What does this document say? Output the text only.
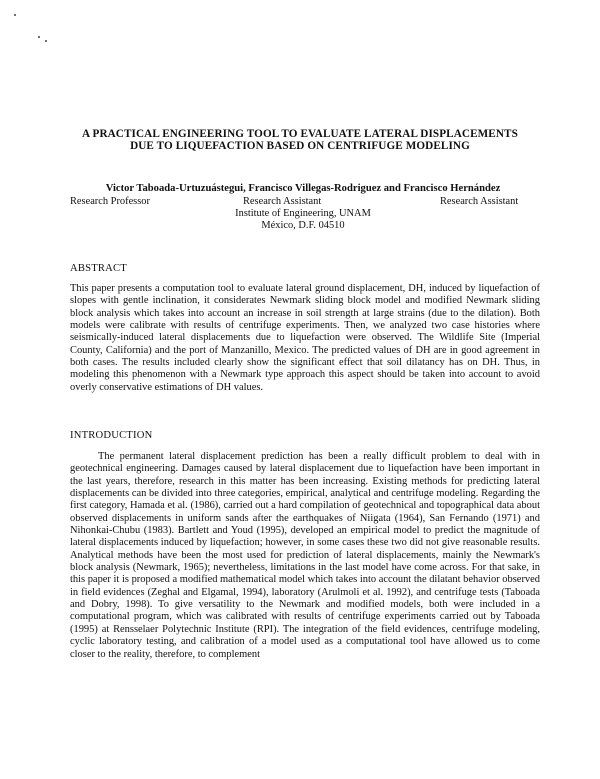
A PRACTICAL ENGINEERING TOOL TO EVALUATE LATERAL DISPLACEMENTS DUE TO LIQUEFACTION BASED ON CENTRIFUGE MODELING
Victor Taboada-Urtuzuástegui, Francisco Villegas-Rodriguez and Francisco Hernández
Research Professor	Research Assistant	Research Assistant
Institute of Engineering, UNAM
México, D.F. 04510
ABSTRACT

This paper presents a computation tool to evaluate lateral ground displacement, DH, induced by liquefaction of slopes with gentle inclination, it considerates Newmark sliding block model and modified Newmark sliding block analysis which takes into account an increase in soil strength at large strains (due to the dilation). Both models were calibrate with results of centrifuge experiments. Then, we analyzed two case histories where seismically-induced lateral displacements due to liquefaction were observed. The Wildlife Site (Imperial County, California) and the port of Manzanillo, Mexico. The predicted values of DH are in good agreement in both cases. The results included clearly show the significant effect that soil dilatancy has on DH. Thus, in modeling this phenomenon with a Newmark type approach this aspect should be taken into account to avoid overly conservative estimations of DH values.

INTRODUCTION

The permanent lateral displacement prediction has been a really difficult problem to deal with in geotechnical engineering. Damages caused by lateral displacement due to liquefaction have been important in the last years, therefore, research in this matter has been increasing. Existing methods for predicting lateral displacements can be divided into three categories, empirical, analytical and centrifuge modeling. Regarding the first category, Hamada et al. (1986), carried out a hard compilation of geotechnical and topographical data about observed displacements in uniform sands after the earthquakes of Niigata (1964), San Fernando (1971) and Nihonkai-Chubu (1983). Bartlett and Youd (1995), developed an empirical model to predict the magnitude of lateral displacements induced by liquefaction; however, in some cases these two did not give reasonable results. Analytical methods have been the most used for prediction of lateral displacements, mainly the Newmark's block analysis (Newmark, 1965); nevertheless, limitations in the last model have come across. For that sake, in this paper it is proposed a modified mathematical model which takes into account the dilatant behavior observed in field evidences (Zeghal and Elgamal, 1994), laboratory (Arulmoli et al. 1992), and centrifuge tests (Taboada and Dobry, 1998). To give versatility to the Newmark and modified models, both were included in a computational program, which was calibrated with results of centrifuge experiments carried out by Taboada (1995) at Rensselaer Polytechnic Institute (RPI). The integration of the field evidences, centrifuge modeling, cyclic laboratory testing, and calibration of a model used as a computational tool have allowed us to come closer to the reality, therefore, to complement
